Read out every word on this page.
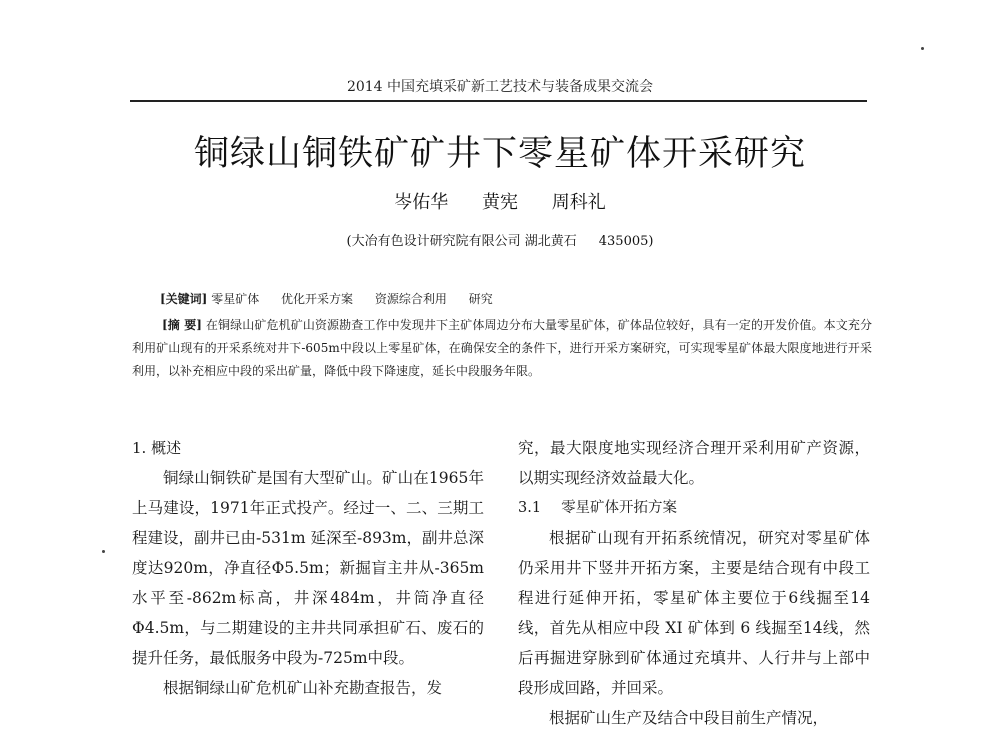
2014 中国充填采矿新工艺技术与装备成果交流会
铜绿山铜铁矿矿井下零星矿体开采研究
岑佑华 黄宪 周科礼
(大冶有色设计研究院有限公司 湖北黄石 435005)
[关键词] 零星矿体 优化开采方案 资源综合利用 研究
[摘 要] 在铜绿山矿危机矿山资源勘查工作中发现井下主矿体周边分布大量零星矿体，矿体品位较好，具有一定的开发价值。本文充分利用矿山现有的开采系统对井下-605m中段以上零星矿体，在确保安全的条件下，进行开采方案研究，可实现零星矿体最大限度地进行开采利用，以补充相应中段的采出矿量，降低中段下降速度，延长中段服务年限。

1. 概述

铜绿山铜铁矿是国有大型矿山。矿山在1965年上马建设，1971年正式投产。经过一、二、三期工程建设，副井已由-531m 延深至-893m，副井总深度达920m，净直径Φ5.5m；新掘盲主井从-365m水平至-862m标高，井深484m，井筒净直径Φ4.5m，与二期建设的主井共同承担矿石、废石的提升任务，最低服务中段为-725m中段。

根据铜绿山矿危机矿山补充勘查报告，发

究，最大限度地实现经济合理开采利用矿产资源，以期实现经济效益最大化。

3.1 零星矿体开拓方案

根据矿山现有开拓系统情况，研究对零星矿体仍采用井下竖井开拓方案，主要是结合现有中段工程进行延伸开拓，零星矿体主要位于6线掘至14线，首先从相应中段 XI 矿体到 6 线掘至14线，然后再掘进穿脉到矿体通过充填井、人行井与上部中段形成回路，并回采。

根据矿山生产及结合中段目前生产情况，
